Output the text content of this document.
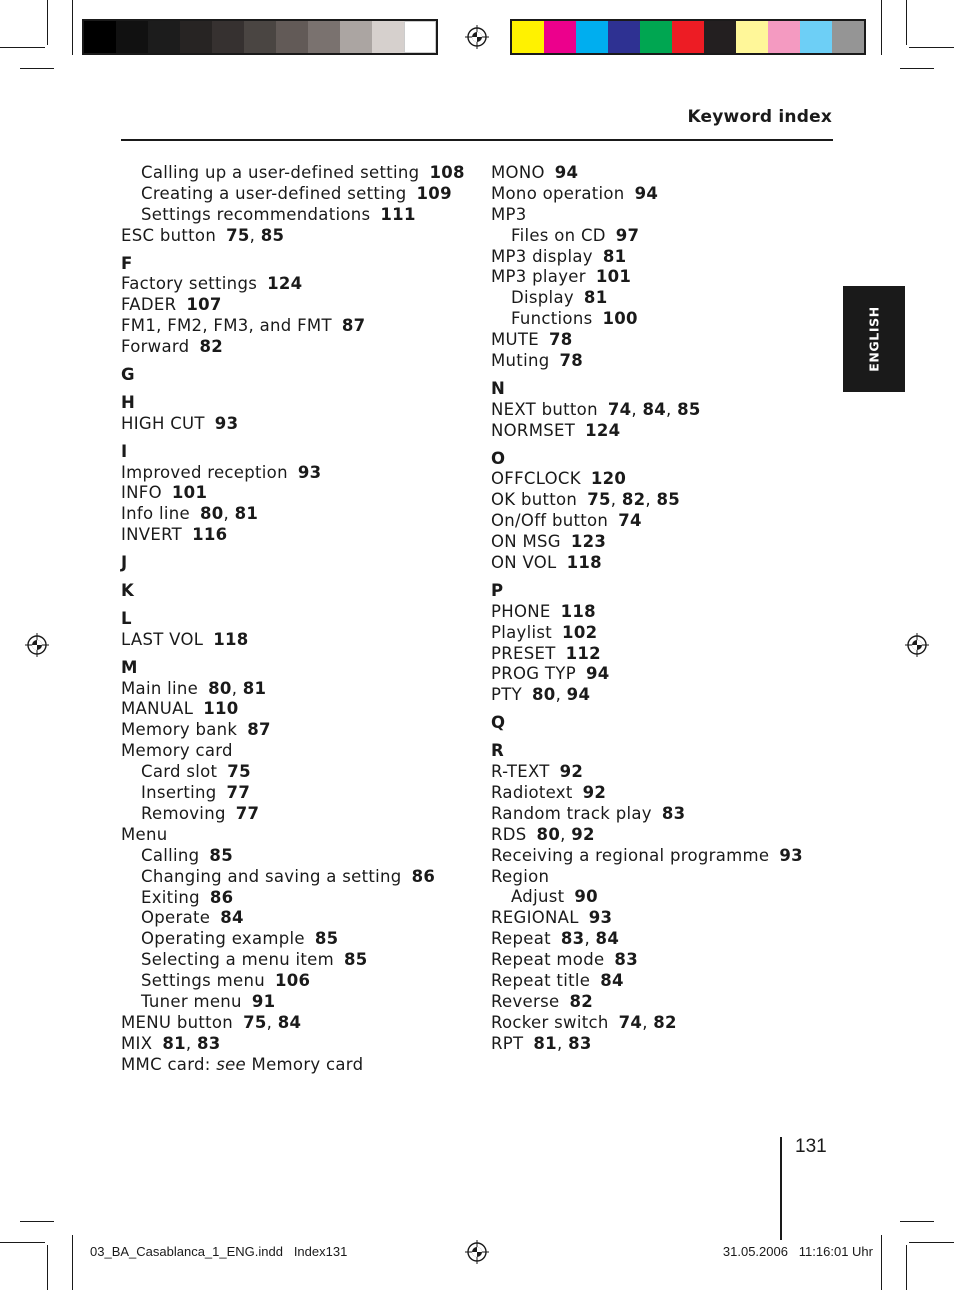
Keyword index
ENGLISH
Calling up a user-defined setting 108
Creating a user-defined setting 109
Settings recommendations 111
ESC button 75, 85
F
Factory settings 124
FADER 107
FM1, FM2, FM3, and FMT 87
Forward 82
G
H
HIGH CUT 93
I
Improved reception 93
INFO 101
Info line 80, 81
INVERT 116
J
K
L
LAST VOL 118
M
Main line 80, 81
MANUAL 110
Memory bank 87
Memory card
Card slot 75
Inserting 77
Removing 77
Menu
Calling 85
Changing and saving a setting 86
Exiting 86
Operate 84
Operating example 85
Selecting a menu item 85
Settings menu 106
Tuner menu 91
MENU button 75, 84
MIX 81, 83
MMC card: see Memory card
MONO 94
Mono operation 94
MP3
Files on CD 97
MP3 display 81
MP3 player 101
Display 81
Functions 100
MUTE 78
Muting 78
N
NEXT button 74, 84, 85
NORMSET 124
O
OFFCLOCK 120
OK button 75, 82, 85
On/Off button 74
ON MSG 123
ON VOL 118
P
PHONE 118
Playlist 102
PRESET 112
PROG TYP 94
PTY 80, 94
Q
R
R-TEXT 92
Radiotext 92
Random track play 83
RDS 80, 92
Receiving a regional programme 93
Region
Adjust 90
REGIONAL 93
Repeat 83, 84
Repeat mode 83
Repeat title 84
Reverse 82
Rocker switch 74, 82
RPT 81, 83
131
03_BA_Casablanca_1_ENG.indd Index131	31.05.2006   11:16:01 Uhr
